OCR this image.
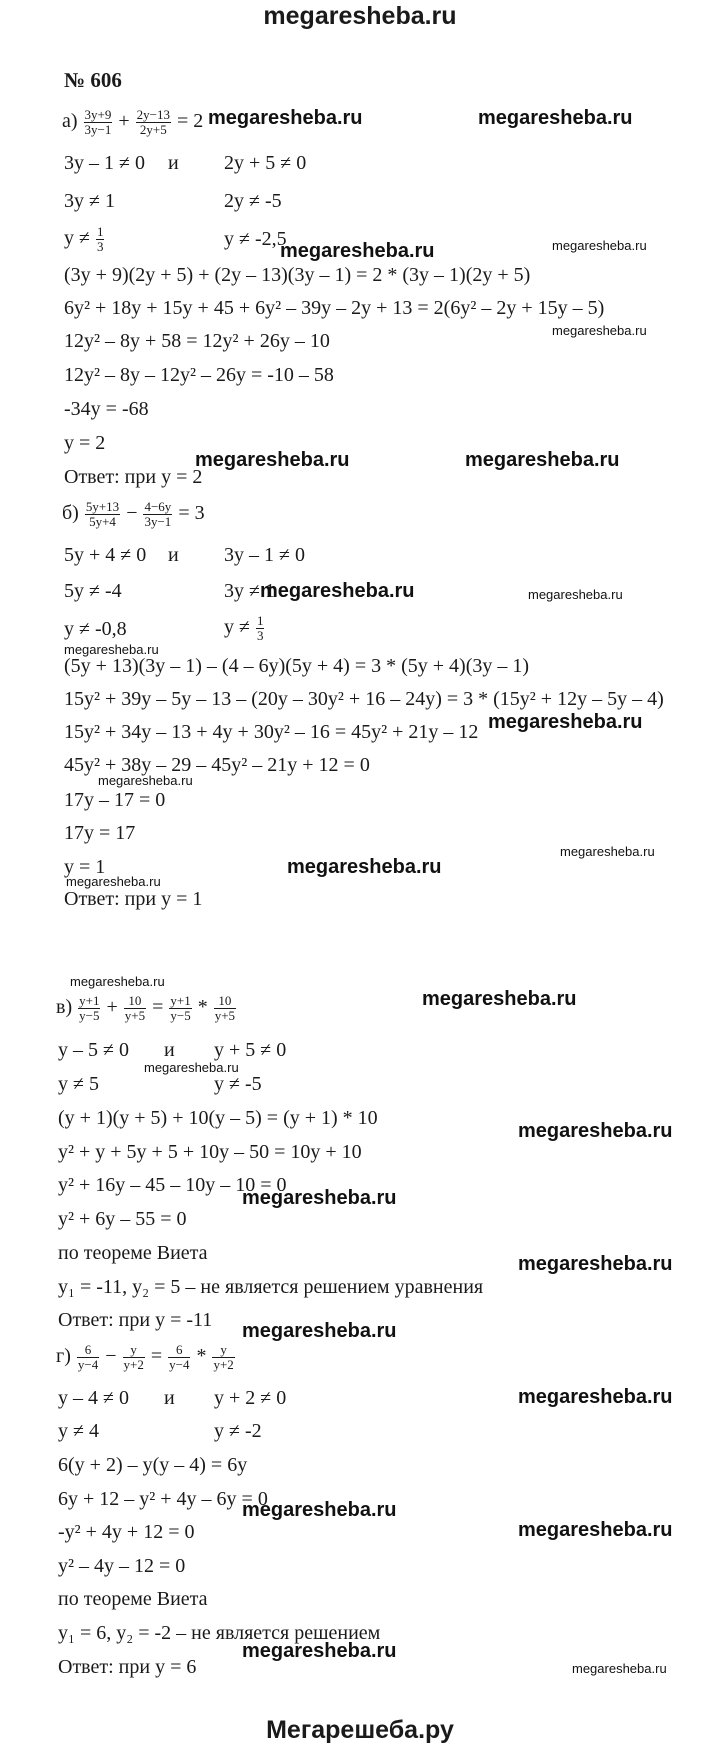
megaresheba.ru
№ 606
$а) \frac{3y+9}{3y-1} + \frac{2y-13}{2y+5} = 2$
3y – 1 ≠ 0 и 2y + 5 ≠ 0
3y ≠ 1	2y ≠ -5
$y \ne \frac{1}{3}$	y ≠ -2,5
(3y + 9)(2y + 5) + (2y – 13)(3y – 1) = 2 * (3y – 1)(2y + 5)
6y² + 18y + 15y + 45 + 6y² – 39y – 2y + 13 = 2(6y² – 2y + 15y – 5)
12y² – 8y + 58 = 12y² + 26y – 10
12y² – 8y – 12y² – 26y = -10 – 58
-34y = -68
y = 2
Ответ: при у = 2
$б) \frac{5y+13}{5y+4} - \frac{4-6y}{3y-1} = 3$
5y + 4 ≠ 0 и 3y – 1 ≠ 0
5y ≠ -4	3y ≠ 1
y ≠ -0,8	$y \ne \frac{1}{3}$
(5y + 13)(3y – 1) – (4 – 6y)(5y + 4) = 3 * (5y + 4)(3y – 1)
15y² + 39y – 5y – 13 – (20y – 30y² + 16 – 24y) = 3 * (15y² + 12y – 5y – 4)
15y² + 34y – 13 + 4y + 30y² – 16 = 45y² + 21y – 12
45y² + 38y – 29 – 45y² – 21y + 12 = 0
17y – 17 = 0
17y = 17
y = 1
Ответ: при у = 1
$в) \frac{y+1}{y-5} + \frac{10}{y+5} = \frac{y+1}{y-5} * \frac{10}{y+5}$
y – 5 ≠ 0 и y + 5 ≠ 0
y ≠ 5	y ≠ -5
(y + 1)(y + 5) + 10(y – 5) = (y + 1) * 10
y² + y + 5y + 5 + 10y – 50 = 10y + 10
y² + 16y – 45 – 10y – 10 = 0
y² + 6y – 55 = 0
по теореме Виета
y₁ = -11, y₂ = 5 – не является решением уравнения
Ответ: при у = -11
$г) \frac{6}{y-4} - \frac{y}{y+2} = \frac{6}{y-4} * \frac{y}{y+2}$
y – 4 ≠ 0 и y + 2 ≠ 0
y ≠ 4	y ≠ -2
6(y + 2) – y(y – 4) = 6y
6y + 12 – y² + 4y – 6y = 0
-y² + 4y + 12 = 0
y² – 4y – 12 = 0
по теореме Виета
y₁ = 6, y₂ = -2 – не является решением
Ответ: при у = 6
megaresheba.ru	megaresheba.ru
megaresheba.ru
megaresheba.ru	megaresheba.ru
megaresheba.ru
megaresheba.ru
megaresheba.ru
megaresheba.ru
megaresheba.ru
megaresheba.ru
megaresheba.ru
megaresheba.ru
megaresheba.ru
megaresheba.ru
megaresheba.ru
megaresheba.ru
megaresheba.ru
megaresheba.ru
megaresheba.ru
megaresheba.ru
megaresheba.ru
megaresheba.ru
megaresheba.ru
megaresheba.ru
megaresheba.ru
megaresheba.ru
Мегарешеба.ру
